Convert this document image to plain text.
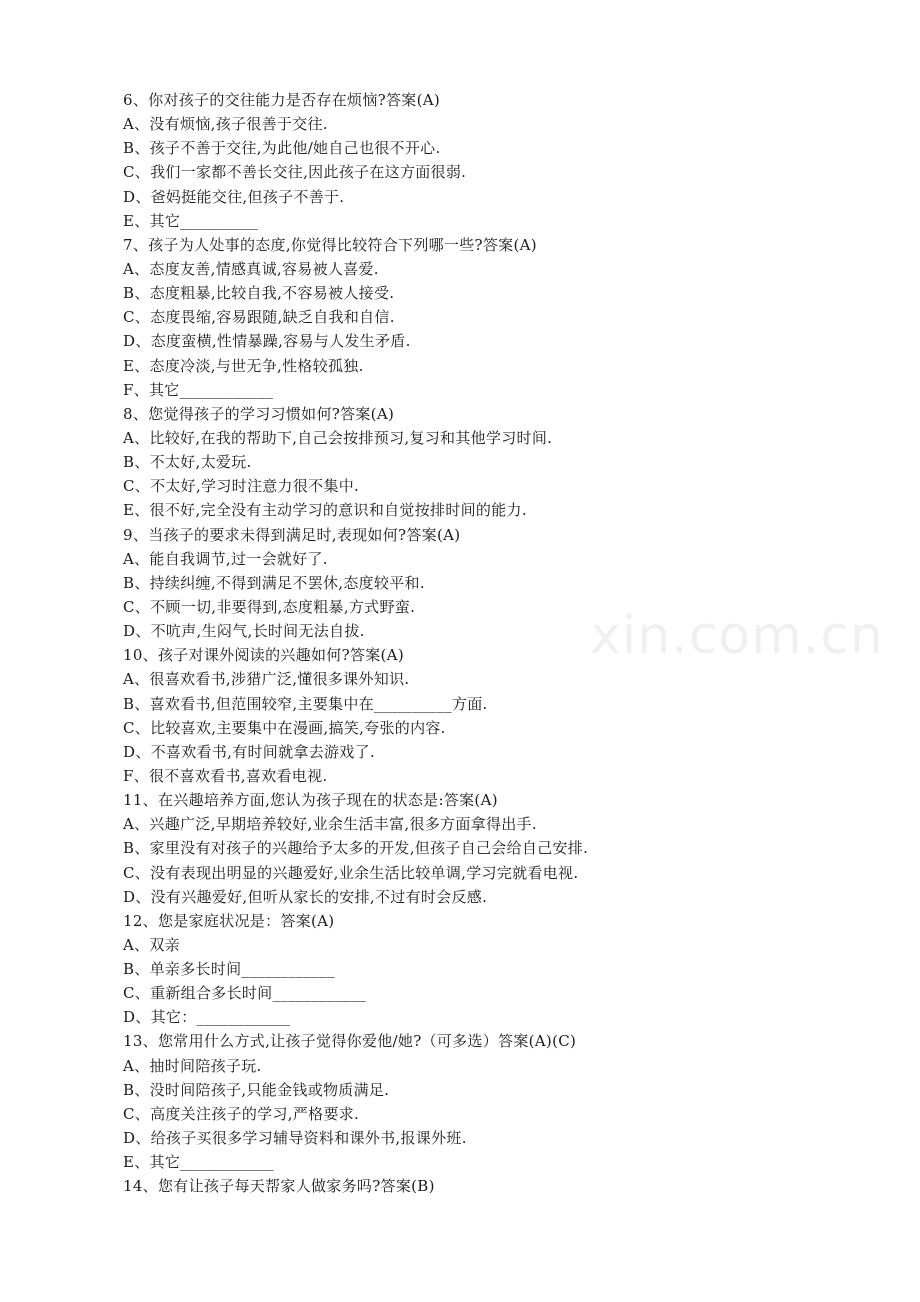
6、你对孩子的交往能力是否存在烦恼?答案(A)
A、没有烦恼,孩子很善于交往.
B、孩子不善于交往,为此他/她自己也很不开心.
C、我们一家都不善长交往,因此孩子在这方面很弱.
D、爸妈挺能交往,但孩子不善于.
E、其它__________
7、孩子为人处事的态度,你觉得比较符合下列哪一些?答案(A)
A、态度友善,情感真诚,容易被人喜爱.
B、态度粗暴,比较自我,不容易被人接受.
C、态度畏缩,容易跟随,缺乏自我和自信.
D、态度蛮横,性情暴躁,容易与人发生矛盾.
E、态度冷淡,与世无争,性格较孤独.
F、其它____________
8、您觉得孩子的学习习惯如何?答案(A)
A、比较好,在我的帮助下,自己会按排预习,复习和其他学习时间.
B、不太好,太爱玩.
C、不太好,学习时注意力很不集中.
E、很不好,完全没有主动学习的意识和自觉按排时间的能力.
9、当孩子的要求未得到满足时,表现如何?答案(A)
A、能自我调节,过一会就好了.
B、持续纠缠,不得到满足不罢休,态度较平和.
C、不顾一切,非要得到,态度粗暴,方式野蛮.
D、不吭声,生闷气,长时间无法自拔.
10、孩子对课外阅读的兴趣如何?答案(A)
A、很喜欢看书,涉猎广泛,懂很多课外知识.
B、喜欢看书,但范围较窄,主要集中在__________方面.
C、比较喜欢,主要集中在漫画,搞笑,夸张的内容.
D、不喜欢看书,有时间就拿去游戏了.
F、很不喜欢看书,喜欢看电视.
11、在兴趣培养方面,您认为孩子现在的状态是:答案(A)
A、兴趣广泛,早期培养较好,业余生活丰富,很多方面拿得出手.
B、家里没有对孩子的兴趣给予太多的开发,但孩子自己会给自己安排.
C、没有表现出明显的兴趣爱好,业余生活比较单调,学习完就看电视.
D、没有兴趣爱好,但听从家长的安排,不过有时会反感.
12、您是家庭状况是：答案(A)
A、双亲
B、单亲多长时间____________
C、重新组合多长时间____________
D、其它：____________
13、您常用什么方式,让孩子觉得你爱他/她?（可多选）答案(A)(C)
A、抽时间陪孩子玩.
B、没时间陪孩子,只能金钱或物质满足.
C、高度关注孩子的学习,严格要求.
D、给孩子买很多学习辅导资料和课外书,报课外班.
E、其它____________
14、您有让孩子每天帮家人做家务吗?答案(B)
xin.com.cn
